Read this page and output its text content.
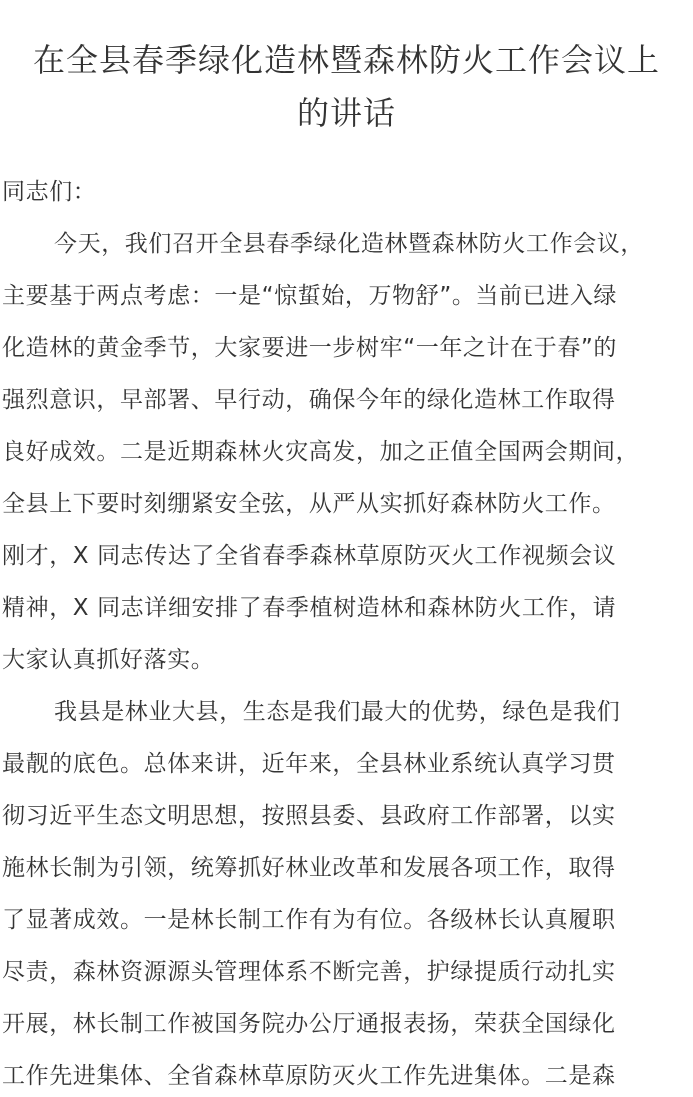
在全县春季绿化造林暨森林防火工作会议上
的讲话
同志们：
今天，我们召开全县春季绿化造林暨森林防火工作会议，
主要基于两点考虑：一是“惊蜇始，万物舒”。当前已进入绿
化造林的黄金季节，大家要进一步树牢“一年之计在于春”的
强烈意识，早部署、早行动，确保今年的绿化造林工作取得
良好成效。二是近期森林火灾高发，加之正值全国两会期间，
全县上下要时刻绷紧安全弦，从严从实抓好森林防火工作。
刚才，X 同志传达了全省春季森林草原防灭火工作视频会议
精神，X 同志详细安排了春季植树造林和森林防火工作，请
大家认真抓好落实。
我县是林业大县，生态是我们最大的优势，绿色是我们
最靓的底色。总体来讲，近年来，全县林业系统认真学习贯
彻习近平生态文明思想，按照县委、县政府工作部署，以实
施林长制为引领，统筹抓好林业改革和发展各项工作，取得
了显著成效。一是林长制工作有为有位。各级林长认真履职
尽责，森林资源源头管理体系不断完善，护绿提质行动扎实
开展，林长制工作被国务院办公厅通报表扬，荣获全国绿化
工作先进集体、全省森林草原防灭火工作先进集体。二是森
